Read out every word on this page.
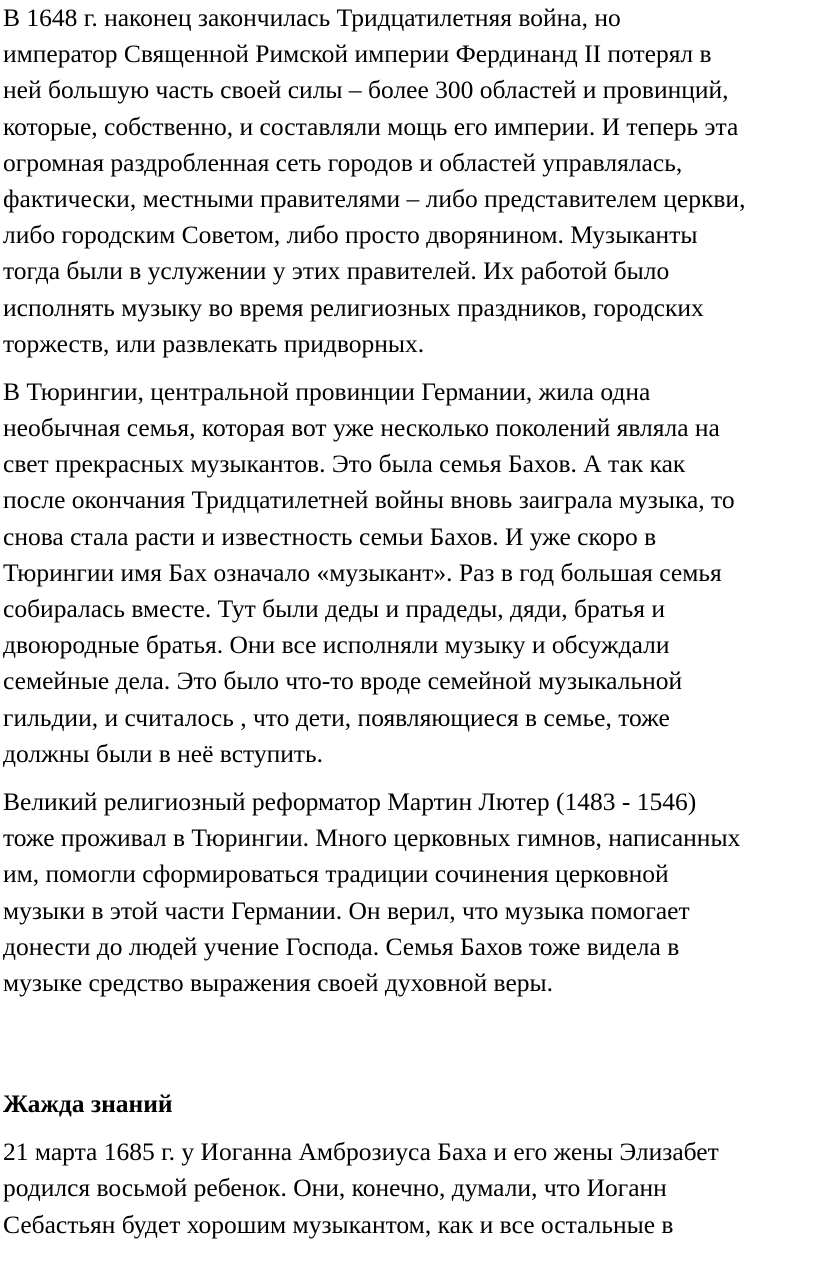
В 1648 г. наконец закончилась Тридцатилетняя война, но
император Священной Римской империи Фердинанд II потерял в
ней большую часть своей силы – более 300 областей и провинций,
которые, собственно, и составляли мощь его империи. И теперь эта
огромная раздробленная сеть городов и областей управлялась,
фактически, местными правителями – либо представителем церкви,
либо городским Советом, либо просто дворянином. Музыканты
тогда были в услужении у этих правителей. Их работой было
исполнять музыку во время религиозных праздников, городских
торжеств, или развлекать придворных.
В Тюрингии, центральной провинции Германии, жила одна
необычная семья, которая вот уже несколько поколений являла на
свет прекрасных музыкантов. Это была семья Бахов. А так как
после окончания Тридцатилетней войны вновь заиграла музыка, то
снова стала расти и известность семьи Бахов. И уже скоро в
Тюрингии имя Бах означало «музыкант». Раз в год большая семья
собиралась вместе. Тут были деды и прадеды, дяди, братья и
двоюродные братья. Они все исполняли музыку и обсуждали
семейные дела. Это было что-то вроде семейной музыкальной
гильдии, и считалось , что дети, появляющиеся в семье, тоже
должны были в неё вступить.
Великий религиозный реформатор Мартин Лютер (1483 - 1546)
тоже проживал в Тюрингии. Много церковных гимнов, написанных
им, помогли сформироваться традиции сочинения церковной
музыки в этой части Германии. Он верил, что музыка помогает
донести до людей учение Господа. Семья Бахов тоже видела в
музыке средство выражения своей духовной веры.
Жажда знаний
21 марта 1685 г. у Иоганна Амброзиуса Баха и его жены Элизабет
родился восьмой ребенок. Они, конечно, думали, что Иоганн
Себастьян будет хорошим музыкантом, как и все остальные в
